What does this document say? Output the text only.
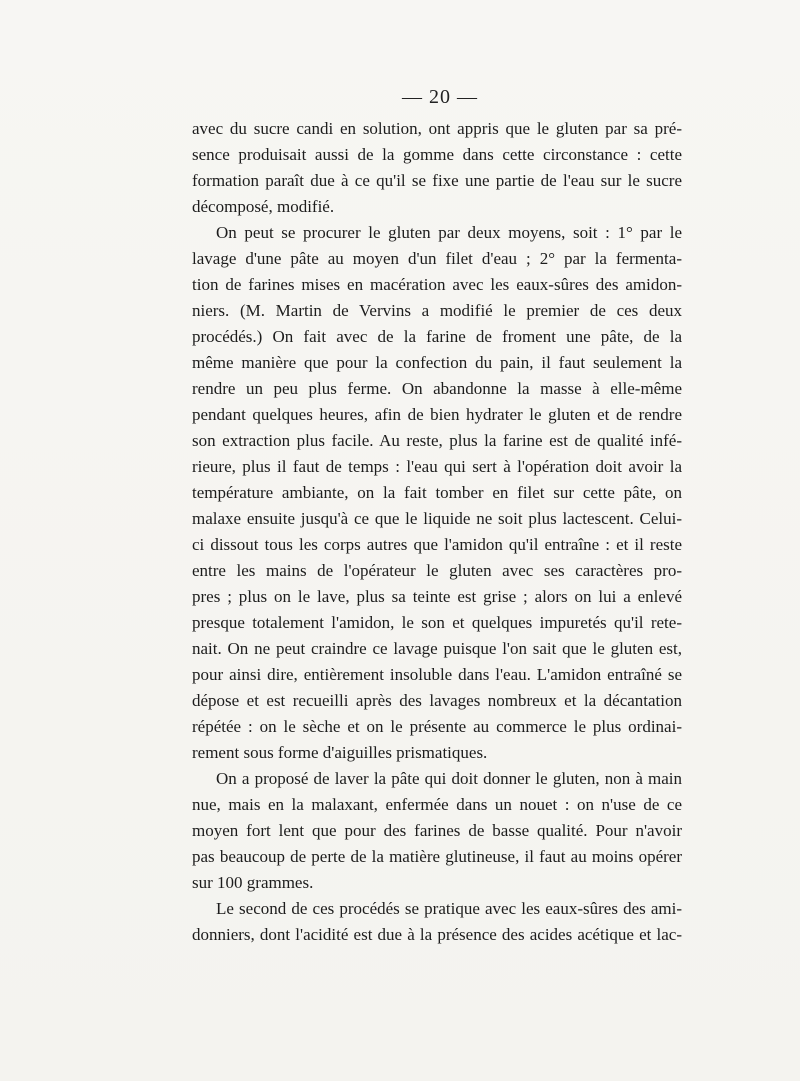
— 20 —
avec du sucre candi en solution, ont appris que le gluten par sa pré-
sence produisait aussi de la gomme dans cette circonstance : cette
formation paraît due à ce qu'il se fixe une partie de l'eau sur le sucre
décomposé, modifié.
On peut se procurer le gluten par deux moyens, soit : 1° par le
lavage d'une pâte au moyen d'un filet d'eau ; 2° par la fermenta-
tion de farines mises en macération avec les eaux-sûres des amidon-
niers. (M. Martin de Vervins a modifié le premier de ces deux
procédés.) On fait avec de la farine de froment une pâte, de la
même manière que pour la confection du pain, il faut seulement la
rendre un peu plus ferme. On abandonne la masse à elle-même
pendant quelques heures, afin de bien hydrater le gluten et de rendre
son extraction plus facile. Au reste, plus la farine est de qualité infé-
rieure, plus il faut de temps : l'eau qui sert à l'opération doit avoir la
température ambiante, on la fait tomber en filet sur cette pâte, on
malaxe ensuite jusqu'à ce que le liquide ne soit plus lactescent. Celui-
ci dissout tous les corps autres que l'amidon qu'il entraîne : et il reste
entre les mains de l'opérateur le gluten avec ses caractères pro-
pres ; plus on le lave, plus sa teinte est grise ; alors on lui a enlevé
presque totalement l'amidon, le son et quelques impuretés qu'il rete-
nait. On ne peut craindre ce lavage puisque l'on sait que le gluten est,
pour ainsi dire, entièrement insoluble dans l'eau. L'amidon entraîné se
dépose et est recueilli après des lavages nombreux et la décantation
répétée : on le sèche et on le présente au commerce le plus ordinai-
rement sous forme d'aiguilles prismatiques.
On a proposé de laver la pâte qui doit donner le gluten, non à main
nue, mais en la malaxant, enfermée dans un nouet : on n'use de ce
moyen fort lent que pour des farines de basse qualité. Pour n'avoir
pas beaucoup de perte de la matière glutineuse, il faut au moins opérer
sur 100 grammes.
Le second de ces procédés se pratique avec les eaux-sûres des ami-
donniers, dont l'acidité est due à la présence des acides acétique et lac-
